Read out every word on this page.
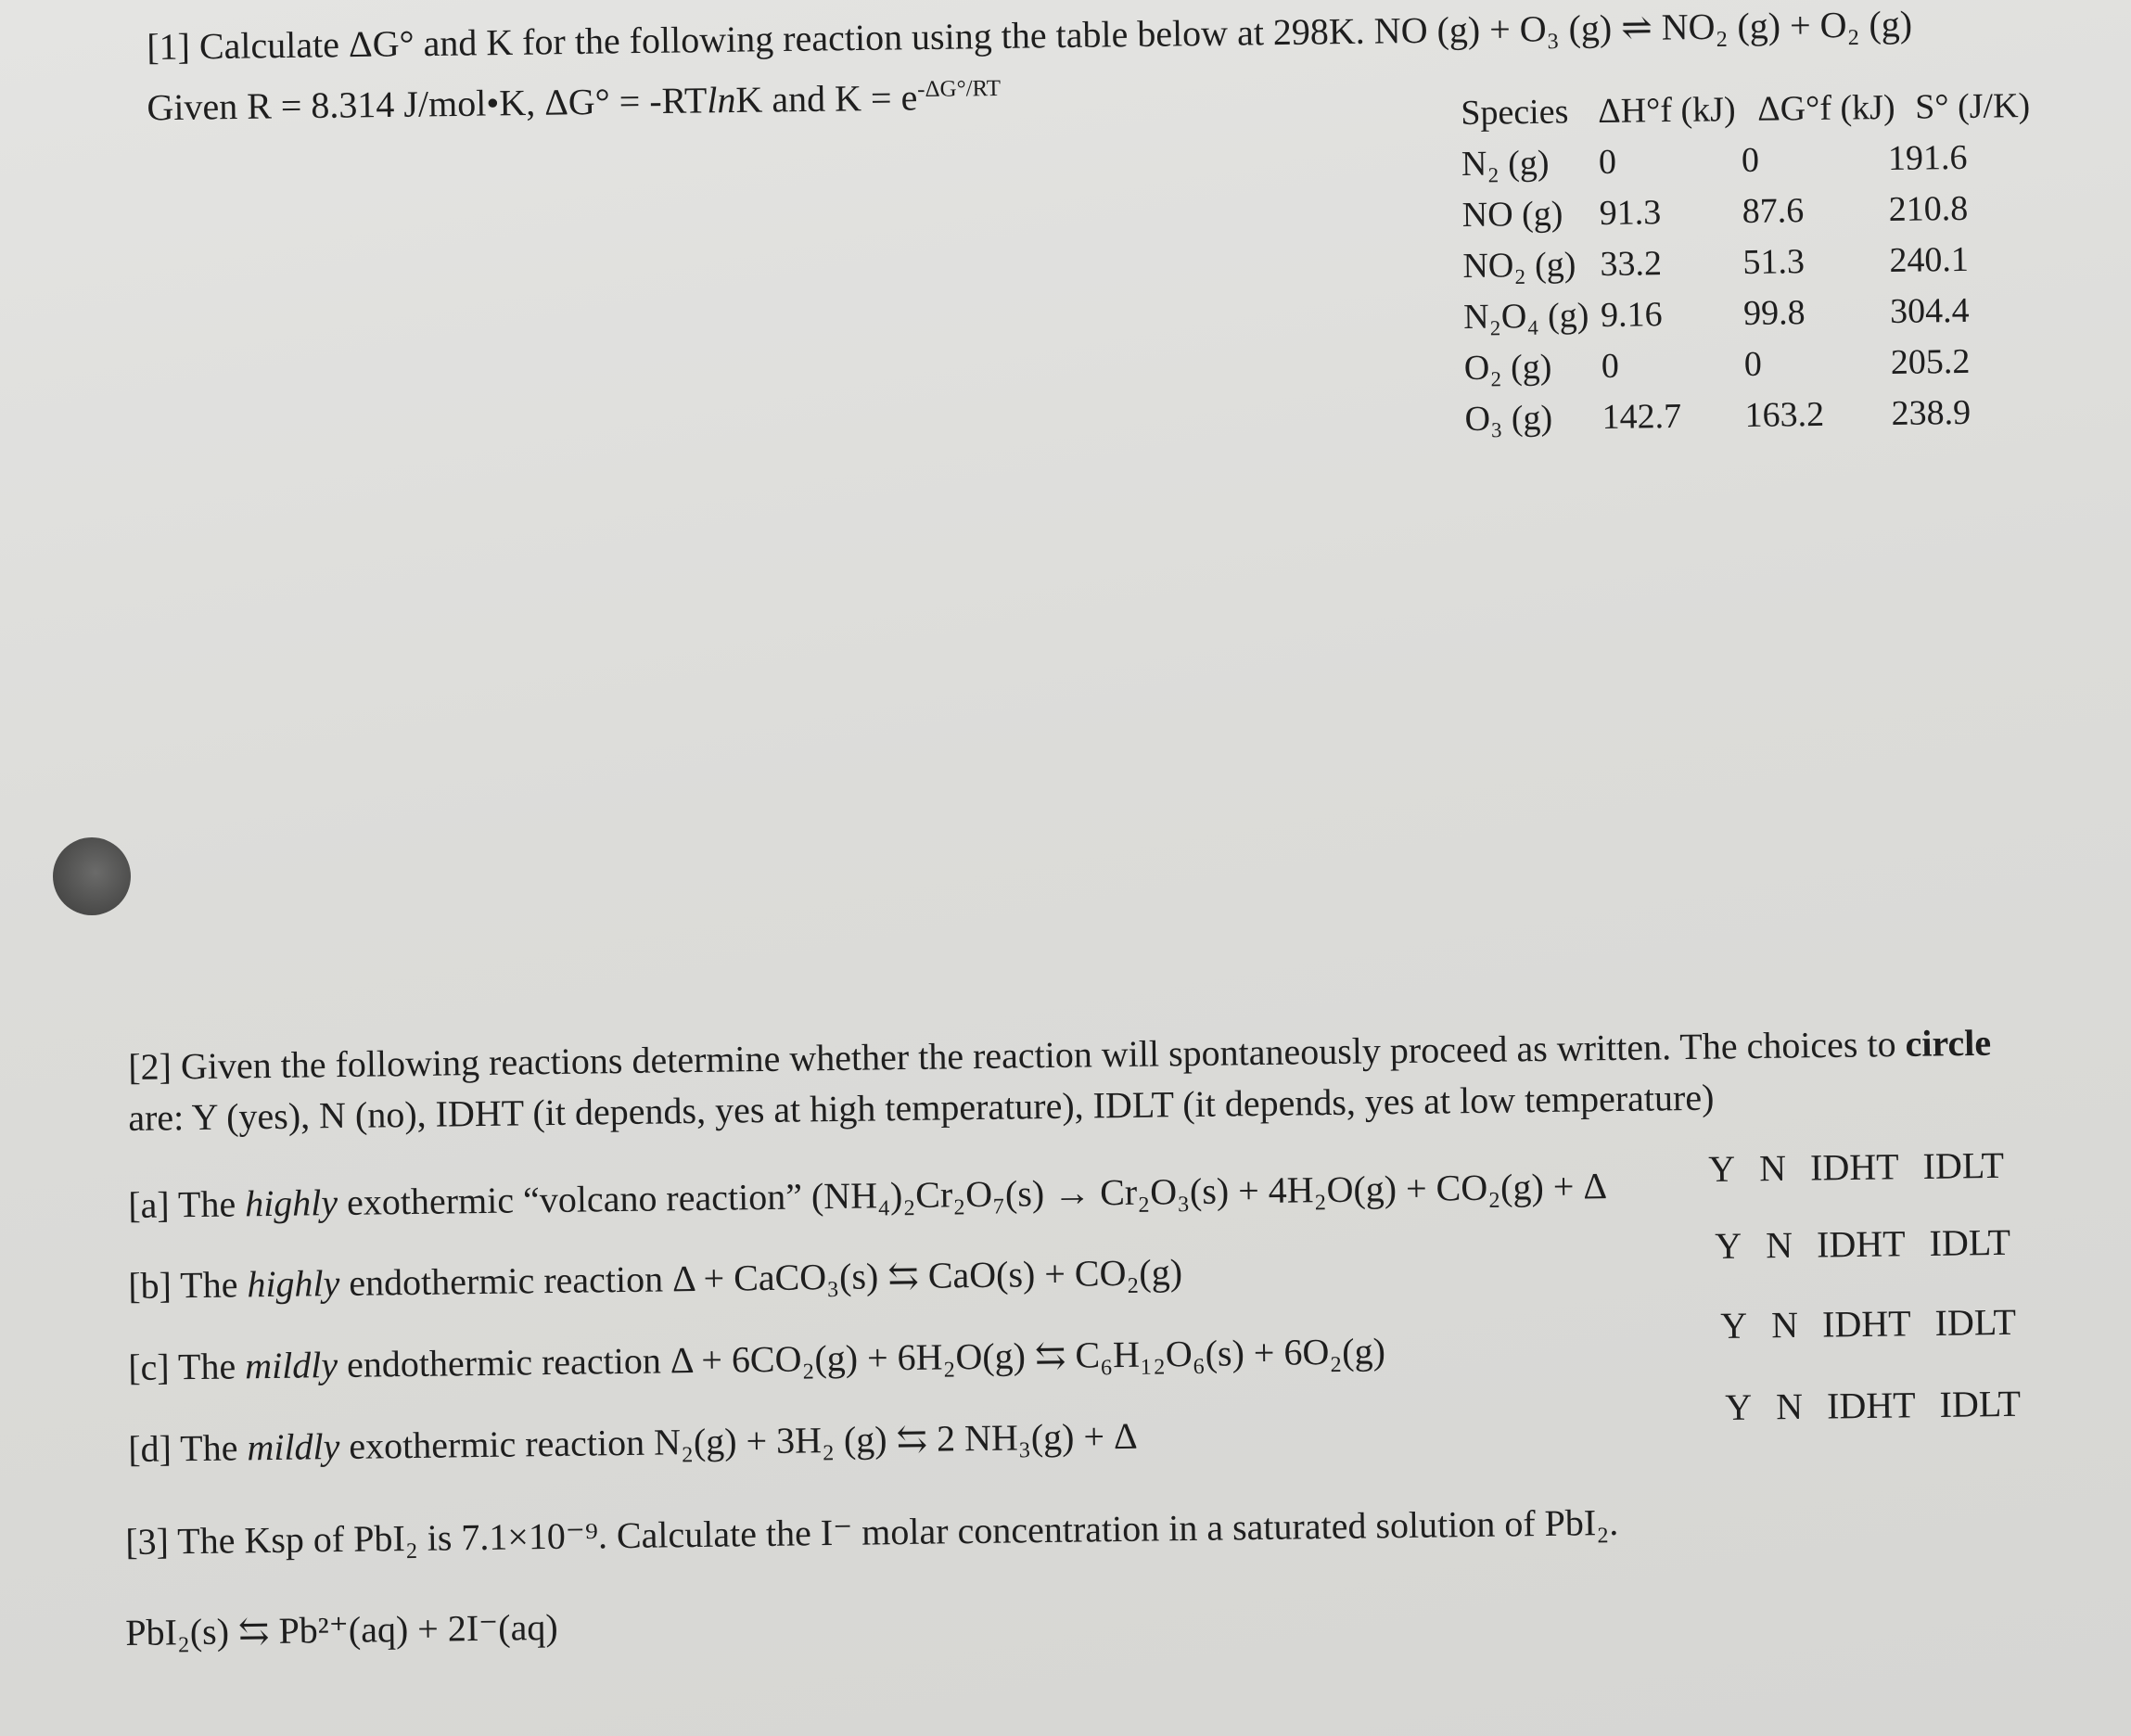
[1] Calculate ΔG° and K for the following reaction using the table below at 298K. NO (g) + O₃ (g) ⇌ NO₂ (g) + O₂ (g)
Given R = 8.314 J/mol•K, ΔG° = -RTlnK and $K = e^{-\Delta G^\circ/RT}$
Species ΔH°f (kJ) ΔG°f (kJ) S° (J/K)
N₂ (g) 0	0	191.6
NO (g) 91.3 87.6 210.8
NO₂ (g) 33.2 51.3 240.1
N₂O₄ (g) 9.16 99.8 304.4
O₂ (g) 0	0	205.2
O₃ (g) 142.7 163.2 238.9
[2] Given the following reactions determine whether the reaction will spontaneously proceed as written. The choices to circle
are: Y (yes), N (no), IDHT (it depends, yes at high temperature), IDLT (it depends, yes at low temperature)
[a] The highly exothermic “volcano reaction” (NH₄)₂Cr₂O₇(s) → Cr₂O₃(s) + 4H₂O(g) + CO₂(g) + Δ	Y N IDHT IDLT
[b] The highly endothermic reaction Δ + CaCO₃(s) ⇆ CaO(s) + CO₂(g)
Y N IDHT IDLT
[c] The mildly endothermic reaction Δ + 6CO₂(g) + 6H₂O(g) ⇆ C₆H₁₂O₆(s) + 6O₂(g)
Y N IDHT IDLT
[d] The mildly exothermic reaction N₂(g) + 3H₂ (g) ⇆ 2 NH₃(g) + Δ
Y N IDHT IDLT
[3] The Ksp of PbI₂ is 7.1×10⁻⁹. Calculate the I⁻ molar concentration in a saturated solution of PbI₂.
PbI₂(s) ⇆ Pb²⁺(aq) + 2I⁻(aq)
